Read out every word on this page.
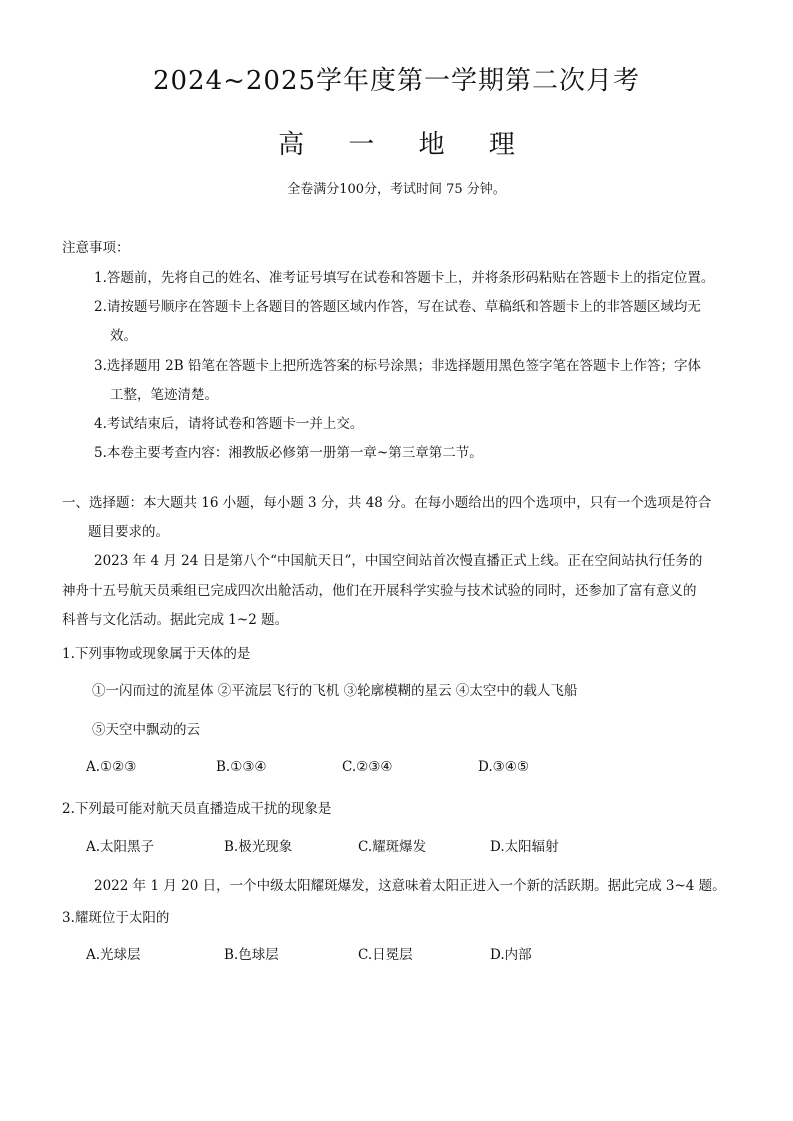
2024~2025学年度第一学期第二次月考
高 一 地 理
全卷满分100分，考试时间 75 分钟。
注意事项：
1.答题前，先将自己的姓名、准考证号填写在试卷和答题卡上，并将条形码粘贴在答题卡上的指定位置。
2.请按题号顺序在答题卡上各题目的答题区域内作答，写在试卷、草稿纸和答题卡上的非答题区域均无
效。
3.选择题用 2B 铅笔在答题卡上把所选答案的标号涂黑；非选择题用黑色签字笔在答题卡上作答；字体
工整，笔迹清楚。
4.考试结束后，请将试卷和答题卡一并上交。
5.本卷主要考查内容：湘教版必修第一册第一章~第三章第二节。
一、选择题：本大题共 16 小题，每小题 3 分，共 48 分。在每小题给出的四个选项中，只有一个选项是符合
题目要求的。
2023 年 4 月 24 日是第八个“中国航天日”，中国空间站首次慢直播正式上线。正在空间站执行任务的
神舟十五号航天员乘组已完成四次出舱活动，他们在开展科学实验与技术试验的同时，还参加了富有意义的
科普与文化活动。据此完成 1~2 题。
1.下列事物或现象属于天体的是
①一闪而过的流星体 ②平流层飞行的飞机 ③轮廓模糊的星云 ④太空中的载人飞船
⑤天空中飘动的云
A.①②③	B.①③④	C.②③④	D.③④⑤
2.下列最可能对航天员直播造成干扰的现象是
A.太阳黑子	B.极光现象	C.耀斑爆发	D.太阳辐射
2022 年 1 月 20 日，一个中级太阳耀斑爆发，这意味着太阳正进入一个新的活跃期。据此完成 3~4 题。
3.耀斑位于太阳的
A.光球层	B.色球层	C.日冕层	D.内部
